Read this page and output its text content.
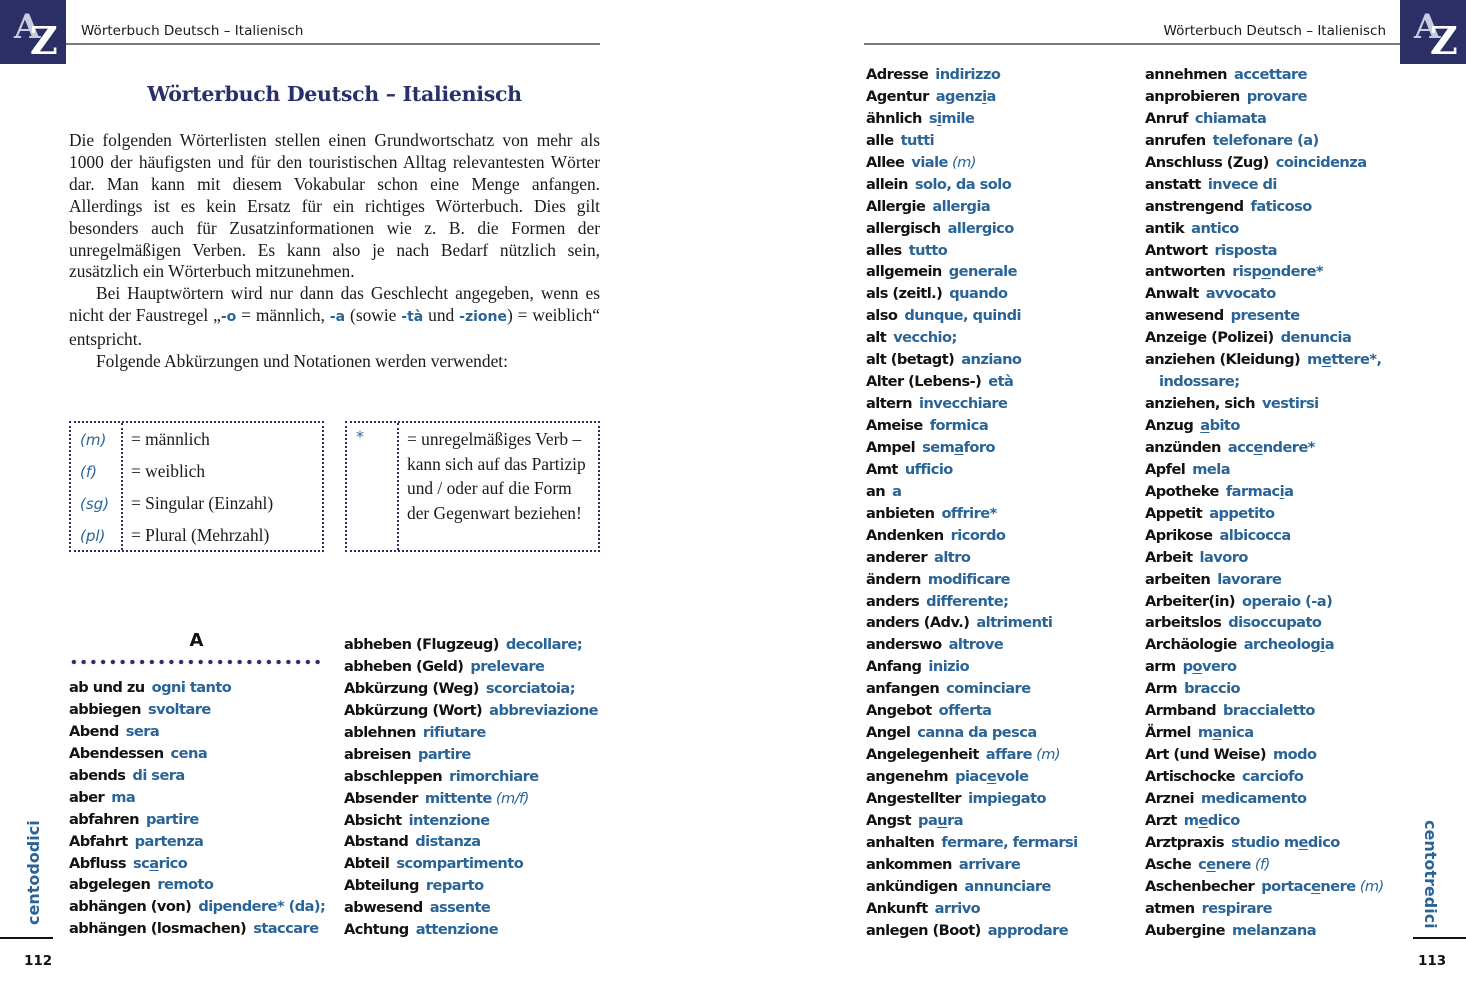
A
Z Wörterbuch Deutsch – Italienisch
Wörterbuch Deutsch – Italienisch

Die folgenden Wörterlisten stellen einen Grundwortschatz von mehr als 1000 der häufigsten und für den touristischen Alltag relevantesten Wörter dar. Man kann mit diesem Vokabular schon eine Menge anfangen. Allerdings ist es kein Ersatz für ein richtiges Wörterbuch. Dies gilt besonders auch für Zusatzinformationen wie z. B. die Formen der unregelmäßigen Verben. Es kann also je nach Bedarf nützlich sein, zusätzlich ein Wörterbuch mitzunehmen.

Bei Hauptwörtern wird nur dann das Geschlecht angegeben, wenn es nicht der Faustregel „-o = männlich, -a (sowie -tà und -zione) = weiblich“ entspricht.

Folgende Abkürzungen und Notationen werden verwendet:

(m)
(f)
(sg)
(pl)
= männlich
= weiblich
= Singular (Einzahl)
= Plural (Mehrzahl)
*	= unregelmäßiges Verb – kann sich auf das Partizip und / oder auf die Form der Gegenwart beziehen!
A
ab und zu ogni tanto
abbiegen svoltare
Abend sera
Abendessen cena
abends di sera
aber ma
abfahren partire
Abfahrt partenza
Abfluss scarico
abgelegen remoto
abhängen (von) dipendere* (da);
abhängen (losmachen) staccare
abheben (Flugzeug) decollare;
abheben (Geld) prelevare
Abkürzung (Weg) scorciatoia;
Abkürzung (Wort) abbreviazione
ablehnen rifiutare
abreisen partire
abschleppen rimorchiare
Absender mittente (m/f)
Absicht intenzione
Abstand distanza
Abteil scompartimento
Abteilung reparto
abwesend assente
Achtung attenzione
centododici
112
Wörterbuch Deutsch – Italienisch A
Z
Adresse indirizzo
Agentur agenzia
ähnlich simile
alle tutti
Allee viale (m)
allein solo, da solo
Allergie allergia
allergisch allergico
alles tutto
allgemein generale
als (zeitl.) quando
also dunque, quindi
alt vecchio;
alt (betagt) anziano
Alter (Lebens-) età
altern invecchiare
Ameise formica
Ampel semaforo
Amt ufficio
an a
anbieten offrire*
Andenken ricordo
anderer altro
ändern modificare
anders differente;
anders (Adv.) altrimenti
anderswo altrove
Anfang inizio
anfangen cominciare
Angebot offerta
Angel canna da pesca
Angelegenheit affare (m)
angenehm piacevole
Angestellter impiegato
Angst paura
anhalten fermare, fermarsi
ankommen arrivare
ankündigen annunciare
Ankunft arrivo
anlegen (Boot) approdare
annehmen accettare
anprobieren provare
Anruf chiamata
anrufen telefonare (a)
Anschluss (Zug) coincidenza
anstatt invece di
anstrengend faticoso
antik antico
Antwort risposta
antworten rispondere*
Anwalt avvocato
anwesend presente
Anzeige (Polizei) denuncia
anziehen (Kleidung) mettere*,
indossare;
anziehen, sich vestirsi
Anzug abito
anzünden accendere*
Apfel mela
Apotheke farmacia
Appetit appetito
Aprikose albicocca
Arbeit lavoro
arbeiten lavorare
Arbeiter(in) operaio (-a)
arbeitslos disoccupato
Archäologie archeologia
arm povero
Arm braccio
Armband braccialetto
Ärmel manica
Art (und Weise) modo
Artischocke carciofo
Arznei medicamento
Arzt medico
Arztpraxis studio medico
Asche cenere (f)
Aschenbecher portacenere (m)
atmen respirare
Aubergine melanzana
centotredici
113
